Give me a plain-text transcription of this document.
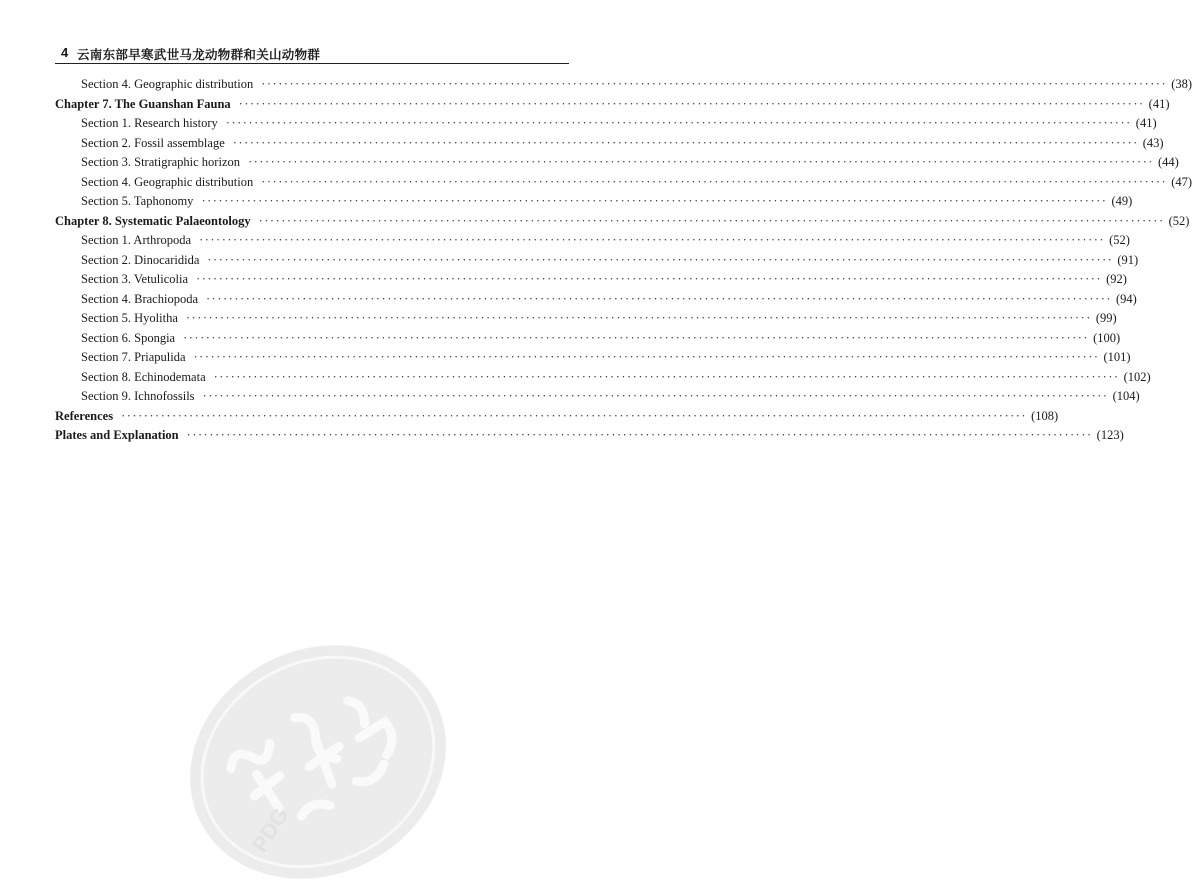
4 云南东部早寒武世马龙动物群和关山动物群
Section 4. Geographic distribution ································································································································································ (38)
Chapter 7. The Guanshan Fauna ································································································································································ (41)
Section 1. Research history ································································································································································ (41)
Section 2. Fossil assemblage ································································································································································ (43)
Section 3. Stratigraphic horizon ································································································································································ (44)
Section 4. Geographic distribution ································································································································································ (47)
Section 5. Taphonomy ································································································································································ (49)
Chapter 8. Systematic Palaeontology ································································································································································ (52)
Section 1. Arthropoda ································································································································································ (52)
Section 2. Dinocaridida ································································································································································ (91)
Section 3. Vetulicolia ································································································································································ (92)
Section 4. Brachiopoda ································································································································································ (94)
Section 5. Hyolitha ································································································································································ (99)
Section 6. Spongia ································································································································································ (100)
Section 7. Priapulida ································································································································································ (101)
Section 8. Echinodemata ································································································································································ (102)
Section 9. Ichnofossils ································································································································································ (104)
References ································································································································································ (108)
Plates and Explanation ································································································································································ (123)
PDG
